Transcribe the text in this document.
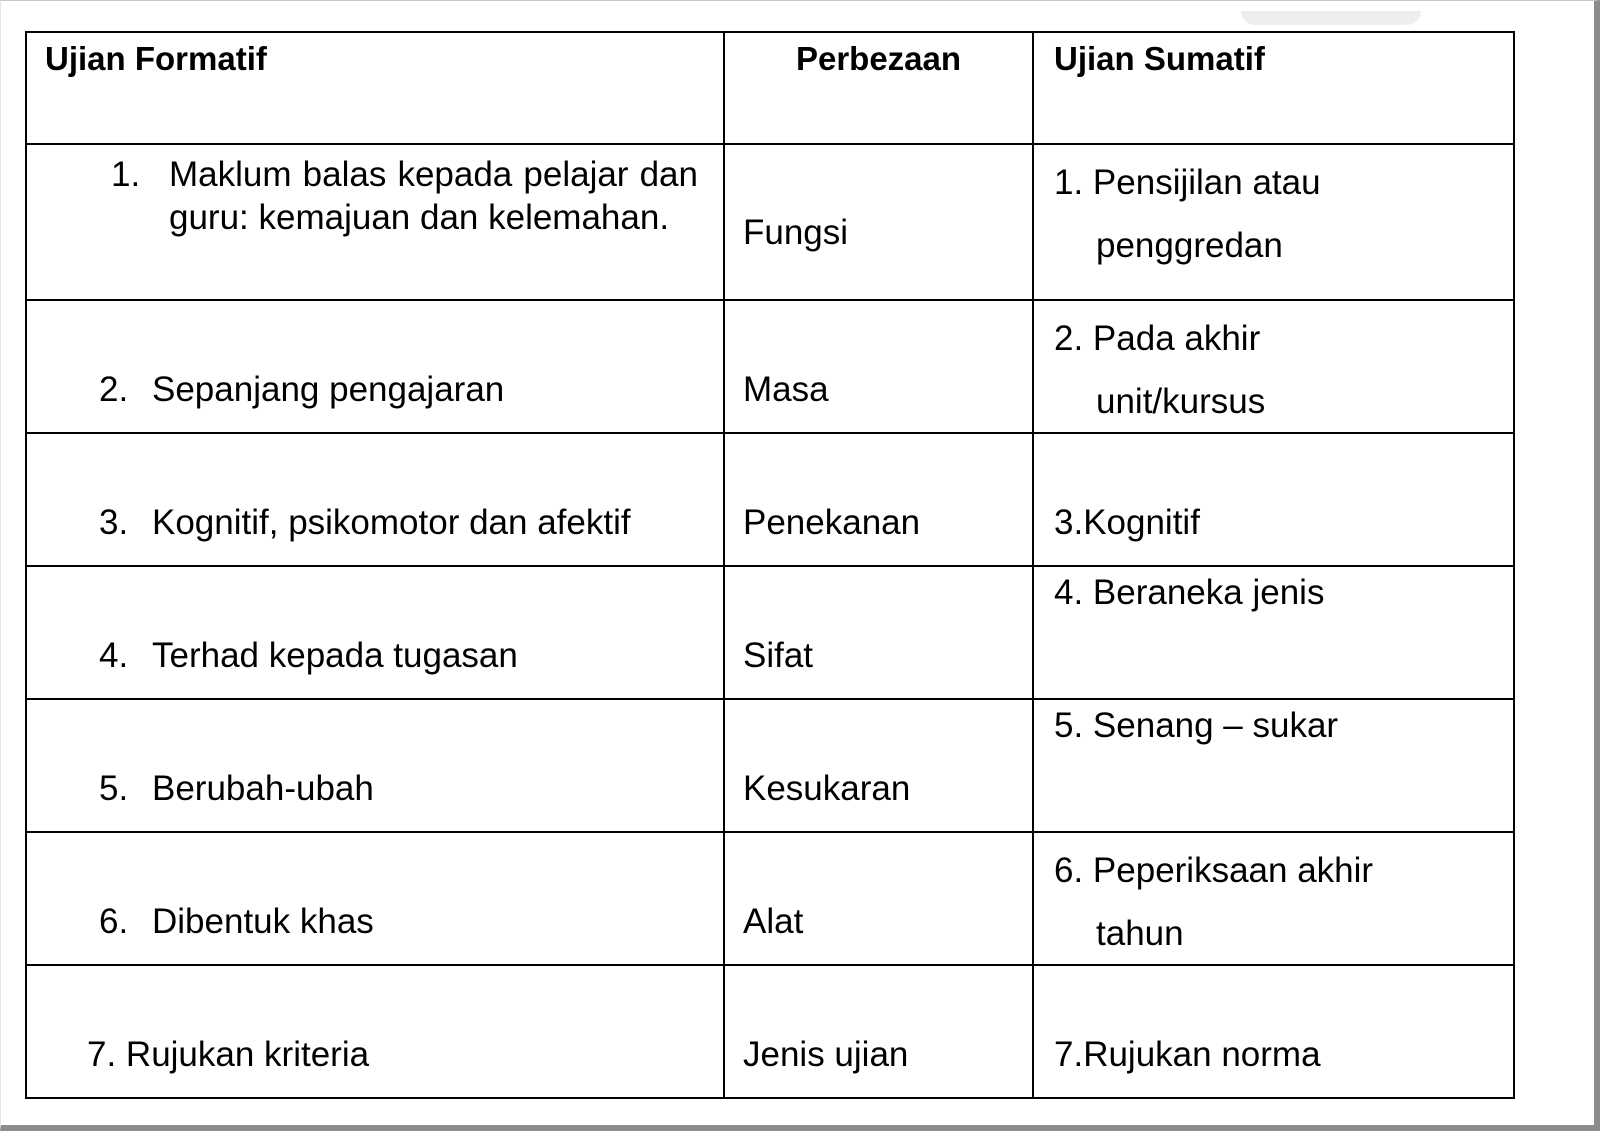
Ujian Formatif	Perbezaan	Ujian Sumatif

1. Maklum balas kepada pelajar dan guru: kemajuan dan kelemahan.	Fungsi	1. Pensijilan atau
penggredan

2. Sepanjang pengajaran	Masa	2. Pada akhir
unit/kursus

3. Kognitif, psikomotor dan afektif	Penekanan	3.Kognitif

4. Terhad kepada tugasan	Sifat	4. Beraneka jenis

5. Berubah-ubah	Kesukaran	5. Senang – sukar

6. Dibentuk khas	Alat	6. Peperiksaan akhir
tahun

7. Rujukan kriteria	Jenis ujian	7.Rujukan norma
